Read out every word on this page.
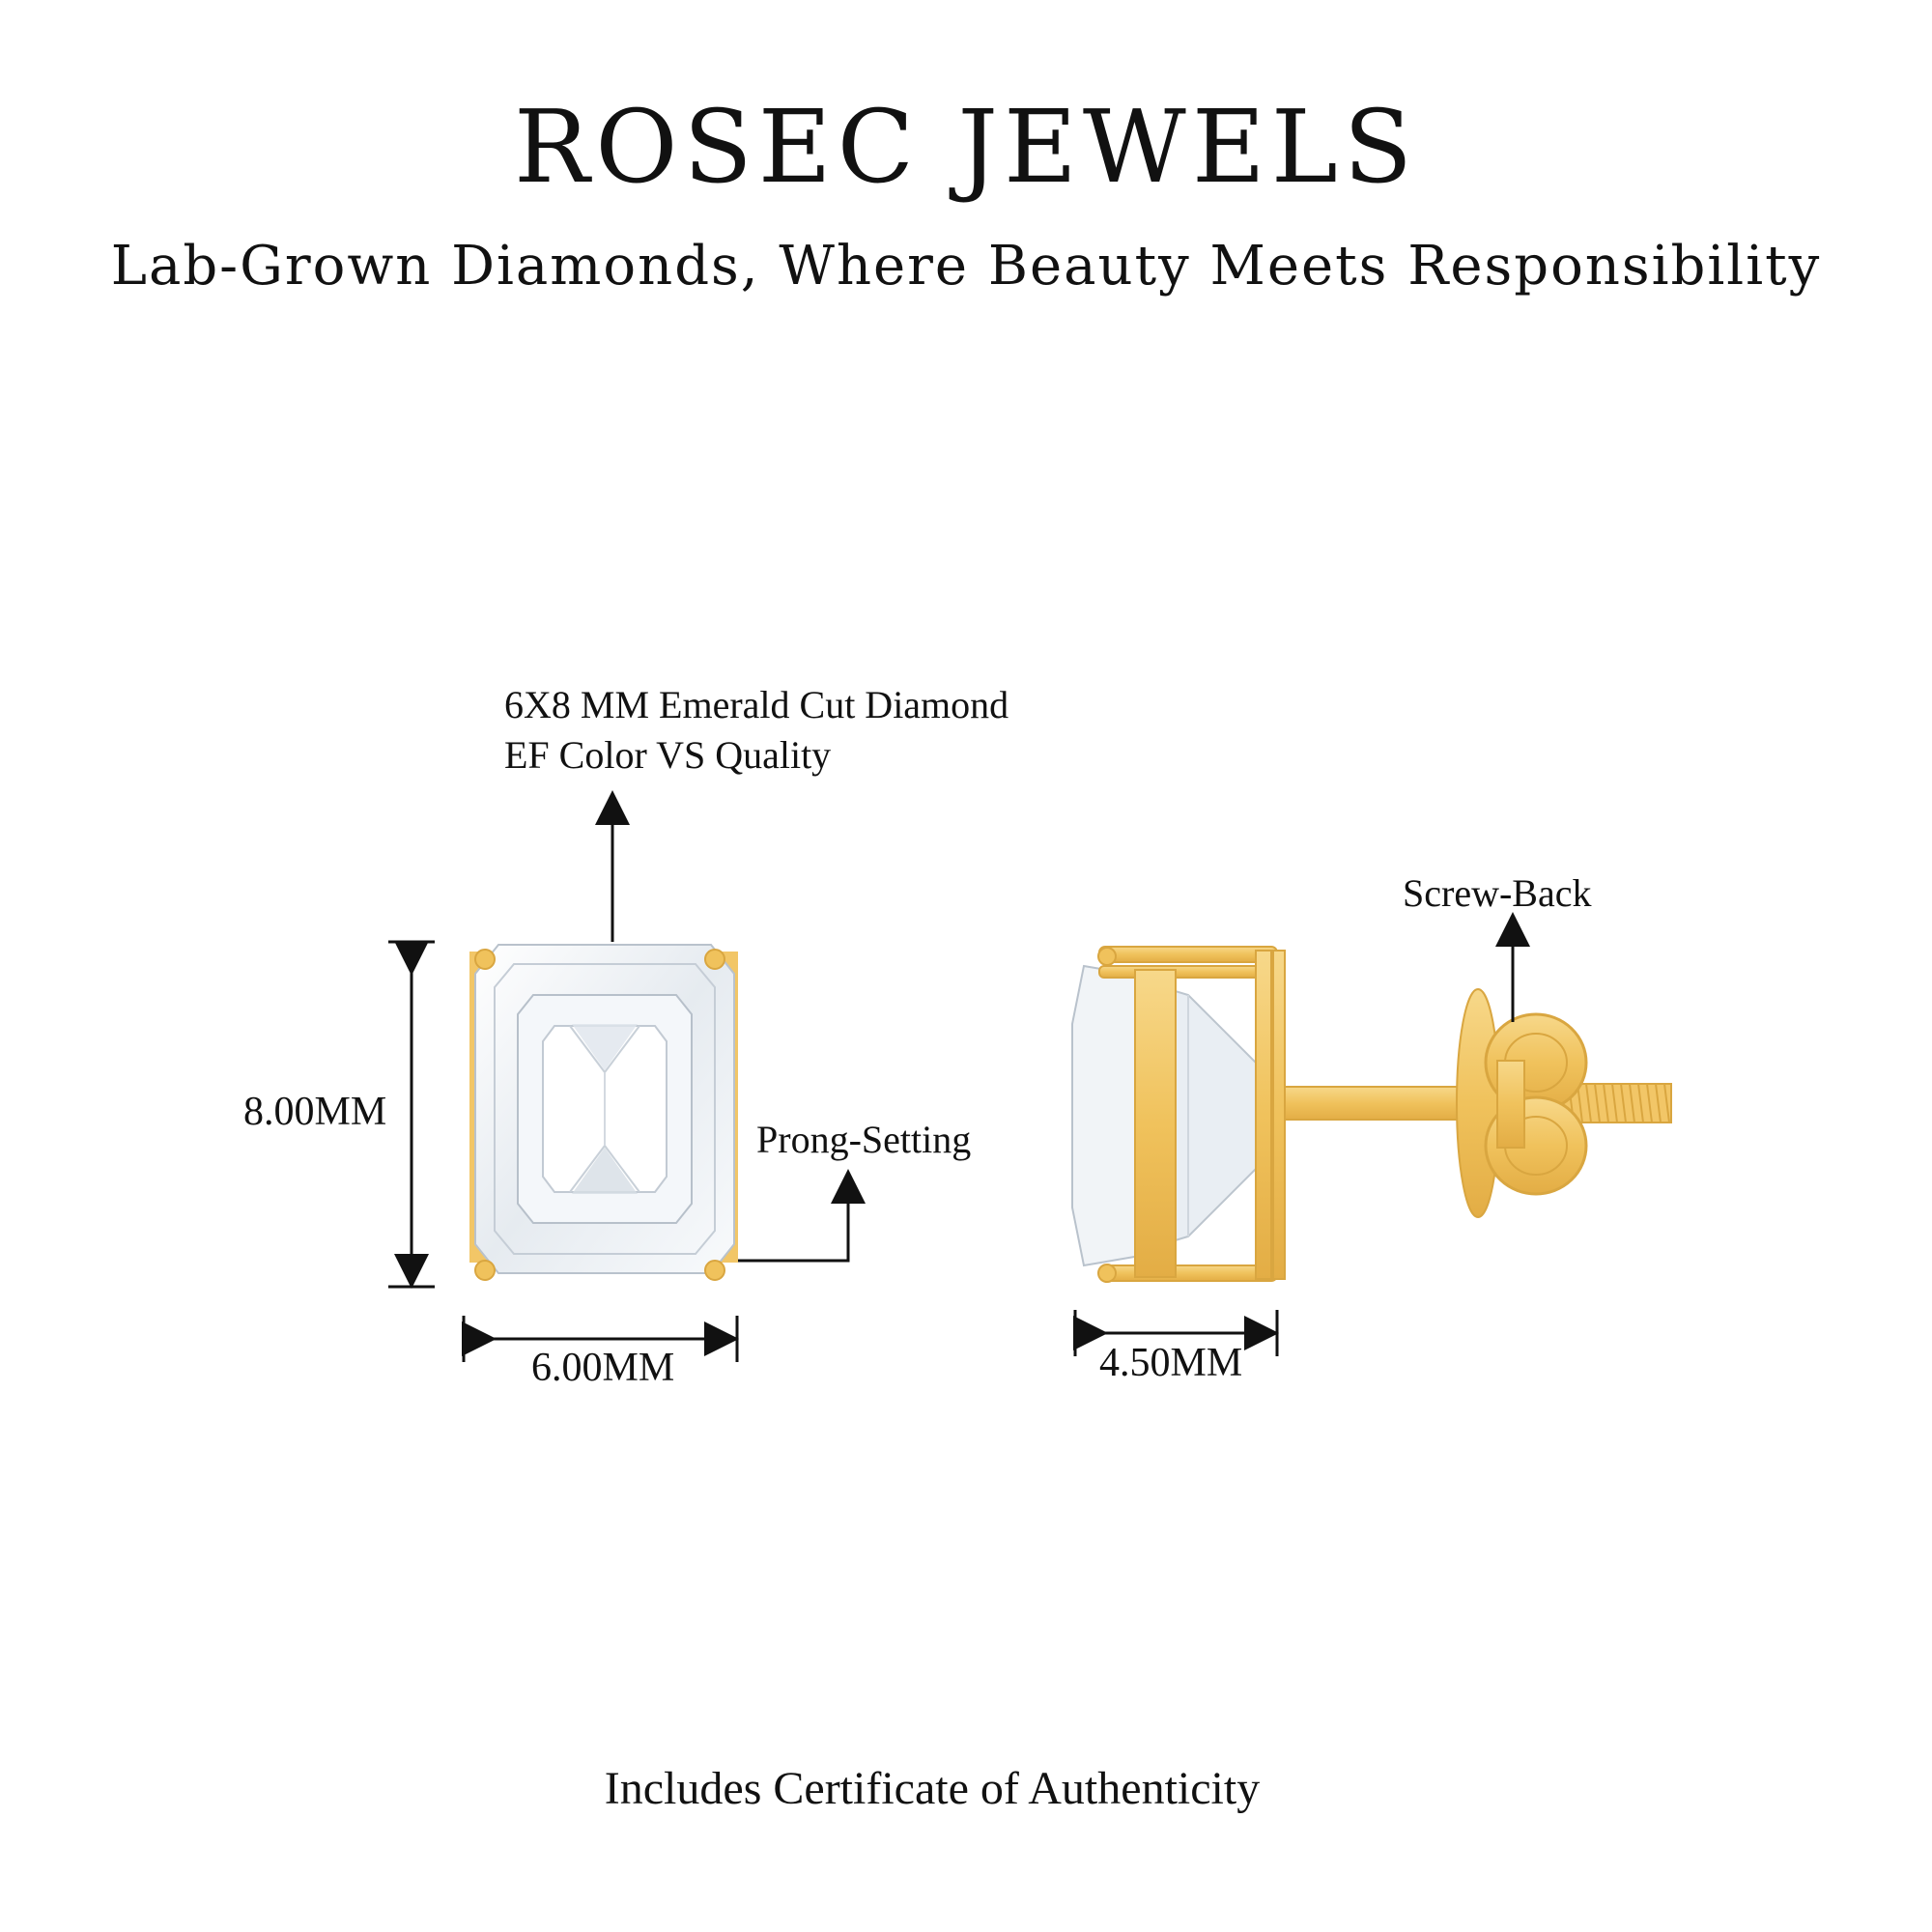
ROSEC JEWELS
Lab-Grown Diamonds, Where Beauty Meets Responsibility
6X8 MM Emerald Cut Diamond
EF Color VS Quality
8.00MM
6.00MM
Prong-Setting
4.50MM
Screw-Back
Includes Certificate of Authenticity
